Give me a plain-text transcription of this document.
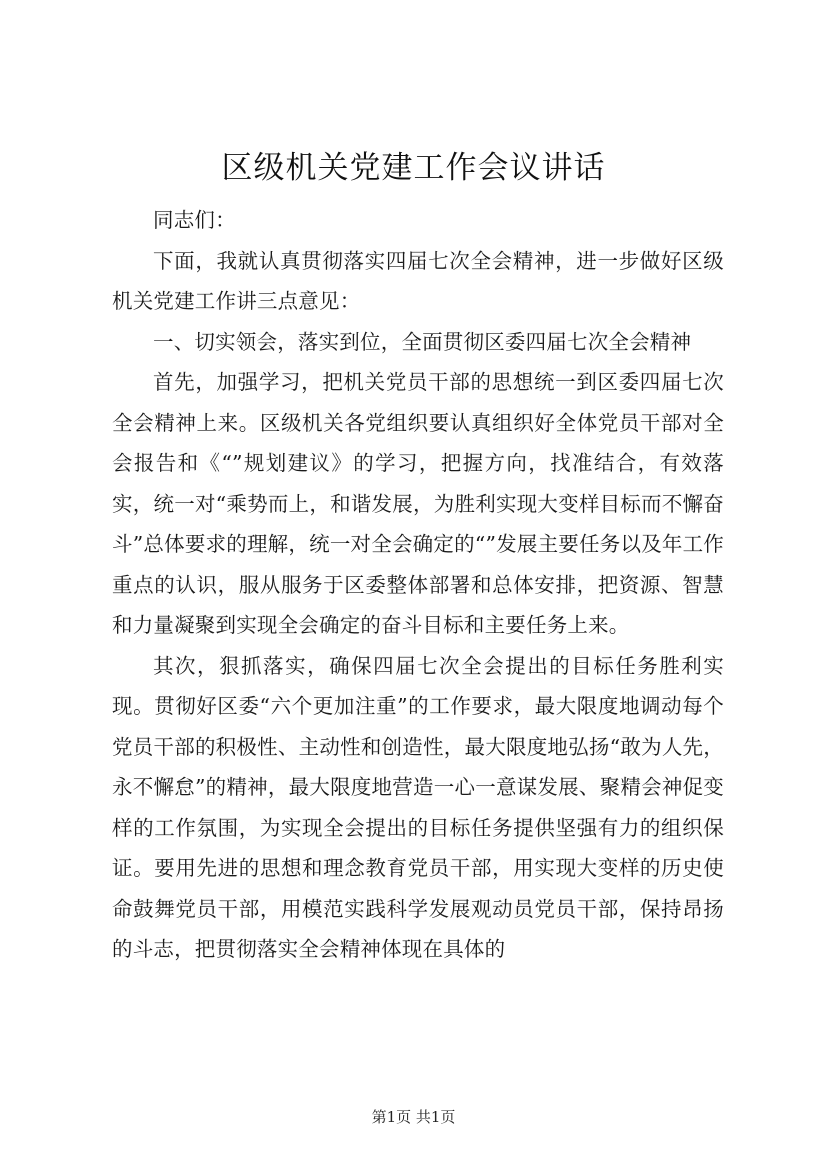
区级机关党建工作会议讲话

同志们：

下面，我就认真贯彻落实四届七次全会精神，进一步做好区级机关党建工作讲三点意见：

一、切实领会，落实到位，全面贯彻区委四届七次全会精神

首先，加强学习，把机关党员干部的思想统一到区委四届七次全会精神上来。区级机关各党组织要认真组织好全体党员干部对全会报告和《“”规划建议》的学习，把握方向，找准结合，有效落实，统一对“乘势而上，和谐发展，为胜利实现大变样目标而不懈奋斗”总体要求的理解，统一对全会确定的“”发展主要任务以及年工作重点的认识，服从服务于区委整体部署和总体安排，把资源、智慧和力量凝聚到实现全会确定的奋斗目标和主要任务上来。

其次，狠抓落实，确保四届七次全会提出的目标任务胜利实现。贯彻好区委“六个更加注重”的工作要求，最大限度地调动每个党员干部的积极性、主动性和创造性，最大限度地弘扬“敢为人先，永不懈怠”的精神，最大限度地营造一心一意谋发展、聚精会神促变样的工作氛围，为实现全会提出的目标任务提供坚强有力的组织保证。要用先进的思想和理念教育党员干部，用实现大变样的历史使命鼓舞党员干部，用模范实践科学发展观动员党员干部，保持昂扬的斗志，把贯彻落实全会精神体现在具体的

第1页 共1页
